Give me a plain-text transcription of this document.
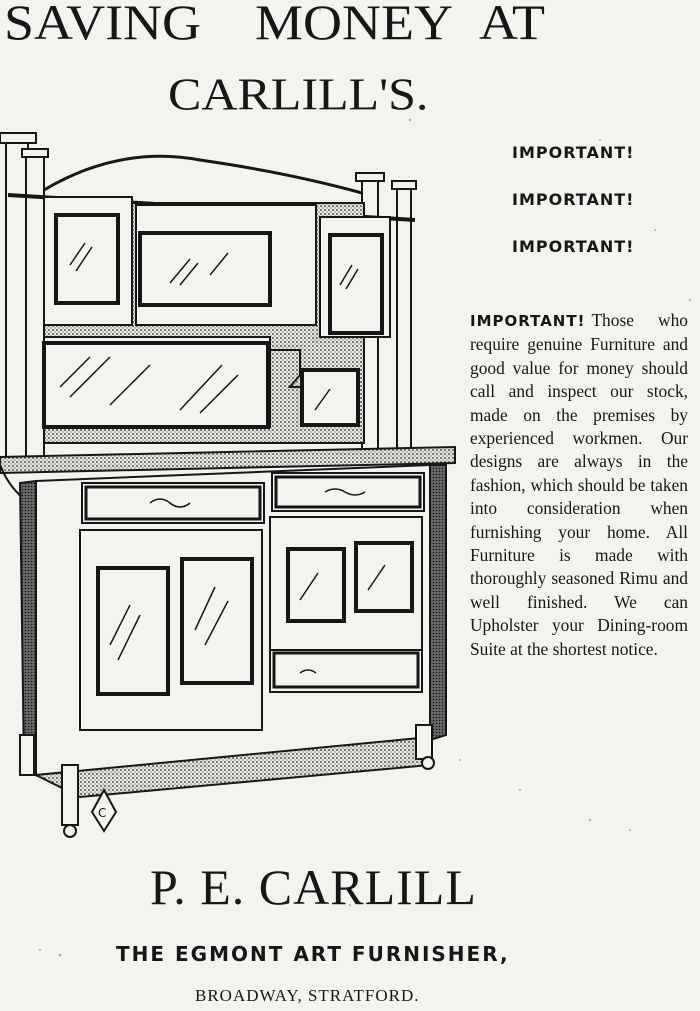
SAVING MONEY AT
CARLILL'S.
IMPORTANT!
IMPORTANT!
IMPORTANT!
IMPORTANT! Those who require genuine Furniture and good value for money should call and inspect our stock, made on the premises by experienced workmen. Our designs are always in the fashion, which should be taken into consideration when furnishing your home. All Furniture is made with thoroughly seasoned Rimu and well finished. We can Upholster your Dining-room Suite at the shortest notice.
C
P. E. CARLILL
THE EGMONT ART FURNISHER,
BROADWAY, STRATFORD.
